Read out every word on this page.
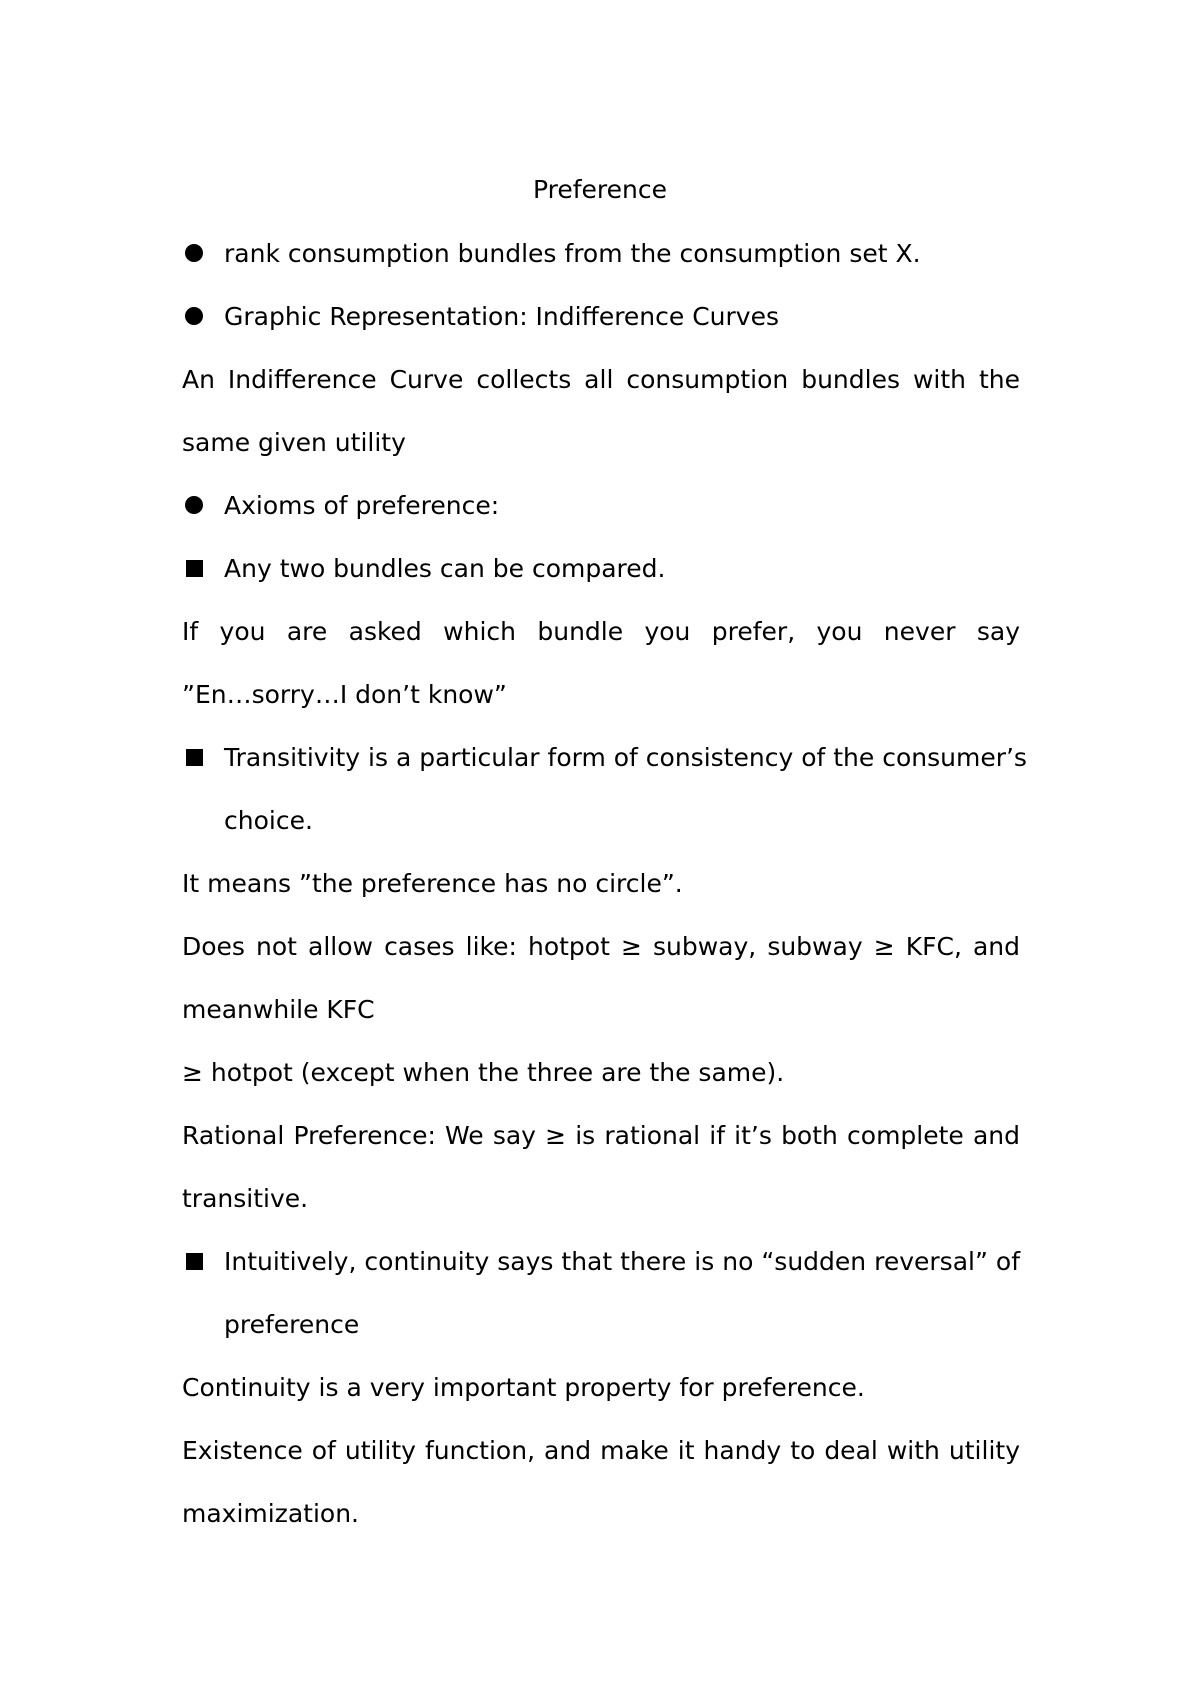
Preference
rank consumption bundles from the consumption set X.
Graphic Representation: Indifference Curves
An Indifference Curve collects all consumption bundles with the
same given utility
Axioms of preference:
Any two bundles can be compared.
If you are asked which bundle you prefer, you never say
”En…sorry…I don’t know”
Transitivity is a particular form of consistency of the consumer’s
choice.
It means ”the preference has no circle”.
Does not allow cases like: hotpot ≥ subway, subway ≥ KFC, and
meanwhile KFC
≥ hotpot (except when the three are the same).
Rational Preference: We say ≥ is rational if it’s both complete and
transitive.
Intuitively, continuity says that there is no “sudden reversal” of
preference
Continuity is a very important property for preference.
Existence of utility function, and make it handy to deal with utility
maximization.
